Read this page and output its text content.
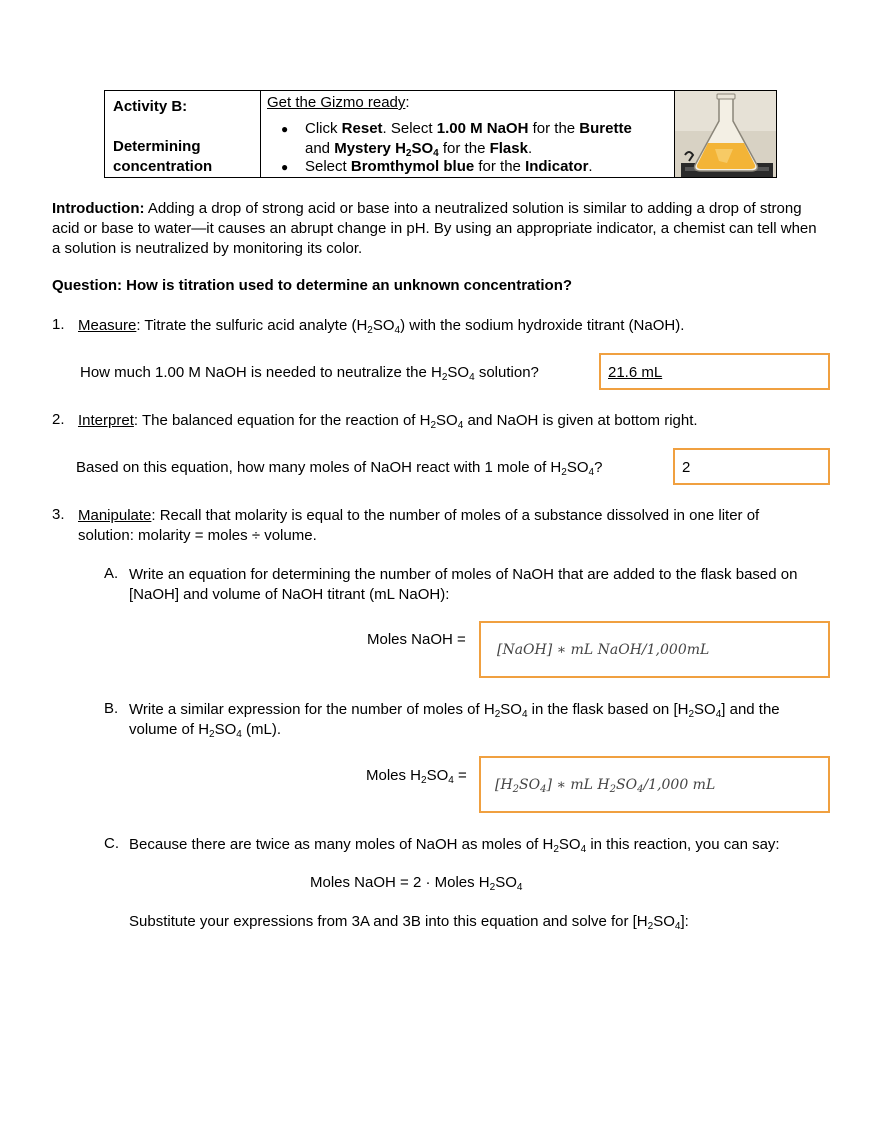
Activity B:
Determining concentration
Get the Gizmo ready:
● Click Reset. Select 1.00 M NaOH for the Burette
and Mystery $H_2SO_4$ for the Flask.
● Select Bromthymol blue for the Indicator.
Introduction: Adding a drop of strong acid or base into a neutralized solution is similar to adding a drop of strong acid or base to water—it causes an abrupt change in pH. By using an appropriate indicator, a chemist can tell when a solution is neutralized by monitoring its color.
Question: How is titration used to determine an unknown concentration?
1. Measure: Titrate the sulfuric acid analyte $(H_2SO_4)$ with the sodium hydroxide titrant (NaOH).
How much 1.00 M NaOH is needed to neutralize the $H_2SO_4$ solution?	21.6 mL
2. Interpret: The balanced equation for the reaction of $H_2SO_4$ and NaOH is given at bottom right.
Based on this equation, how many moles of NaOH react with 1 mole of $H_2SO_4$?	2
3. Manipulate: Recall that molarity is equal to the number of moles of a substance dissolved in one liter of solution: molarity = moles ÷ volume.
A. Write an equation for determining the number of moles of NaOH that are added to the flask based on [NaOH] and volume of NaOH titrant (mL NaOH):
Moles NaOH =
[NaOH] ∗ mL NaOH/1,000mL
B. Write a similar expression for the number of moles of $H_2SO_4$ in the flask based on $[H_2SO_4]$ and the volume of $H_2SO_4$ (mL).
Moles $H_2SO_4$ =
$[H_2SO_4]$ ∗ mL $H_2SO_4/1,000$ mL
C. Because there are twice as many moles of NaOH as moles of $H_2SO_4$ in this reaction, you can say:
Moles NaOH = 2 · Moles $H_2SO_4$
Substitute your expressions from 3A and 3B into this equation and solve for $[H_2SO_4]$:
